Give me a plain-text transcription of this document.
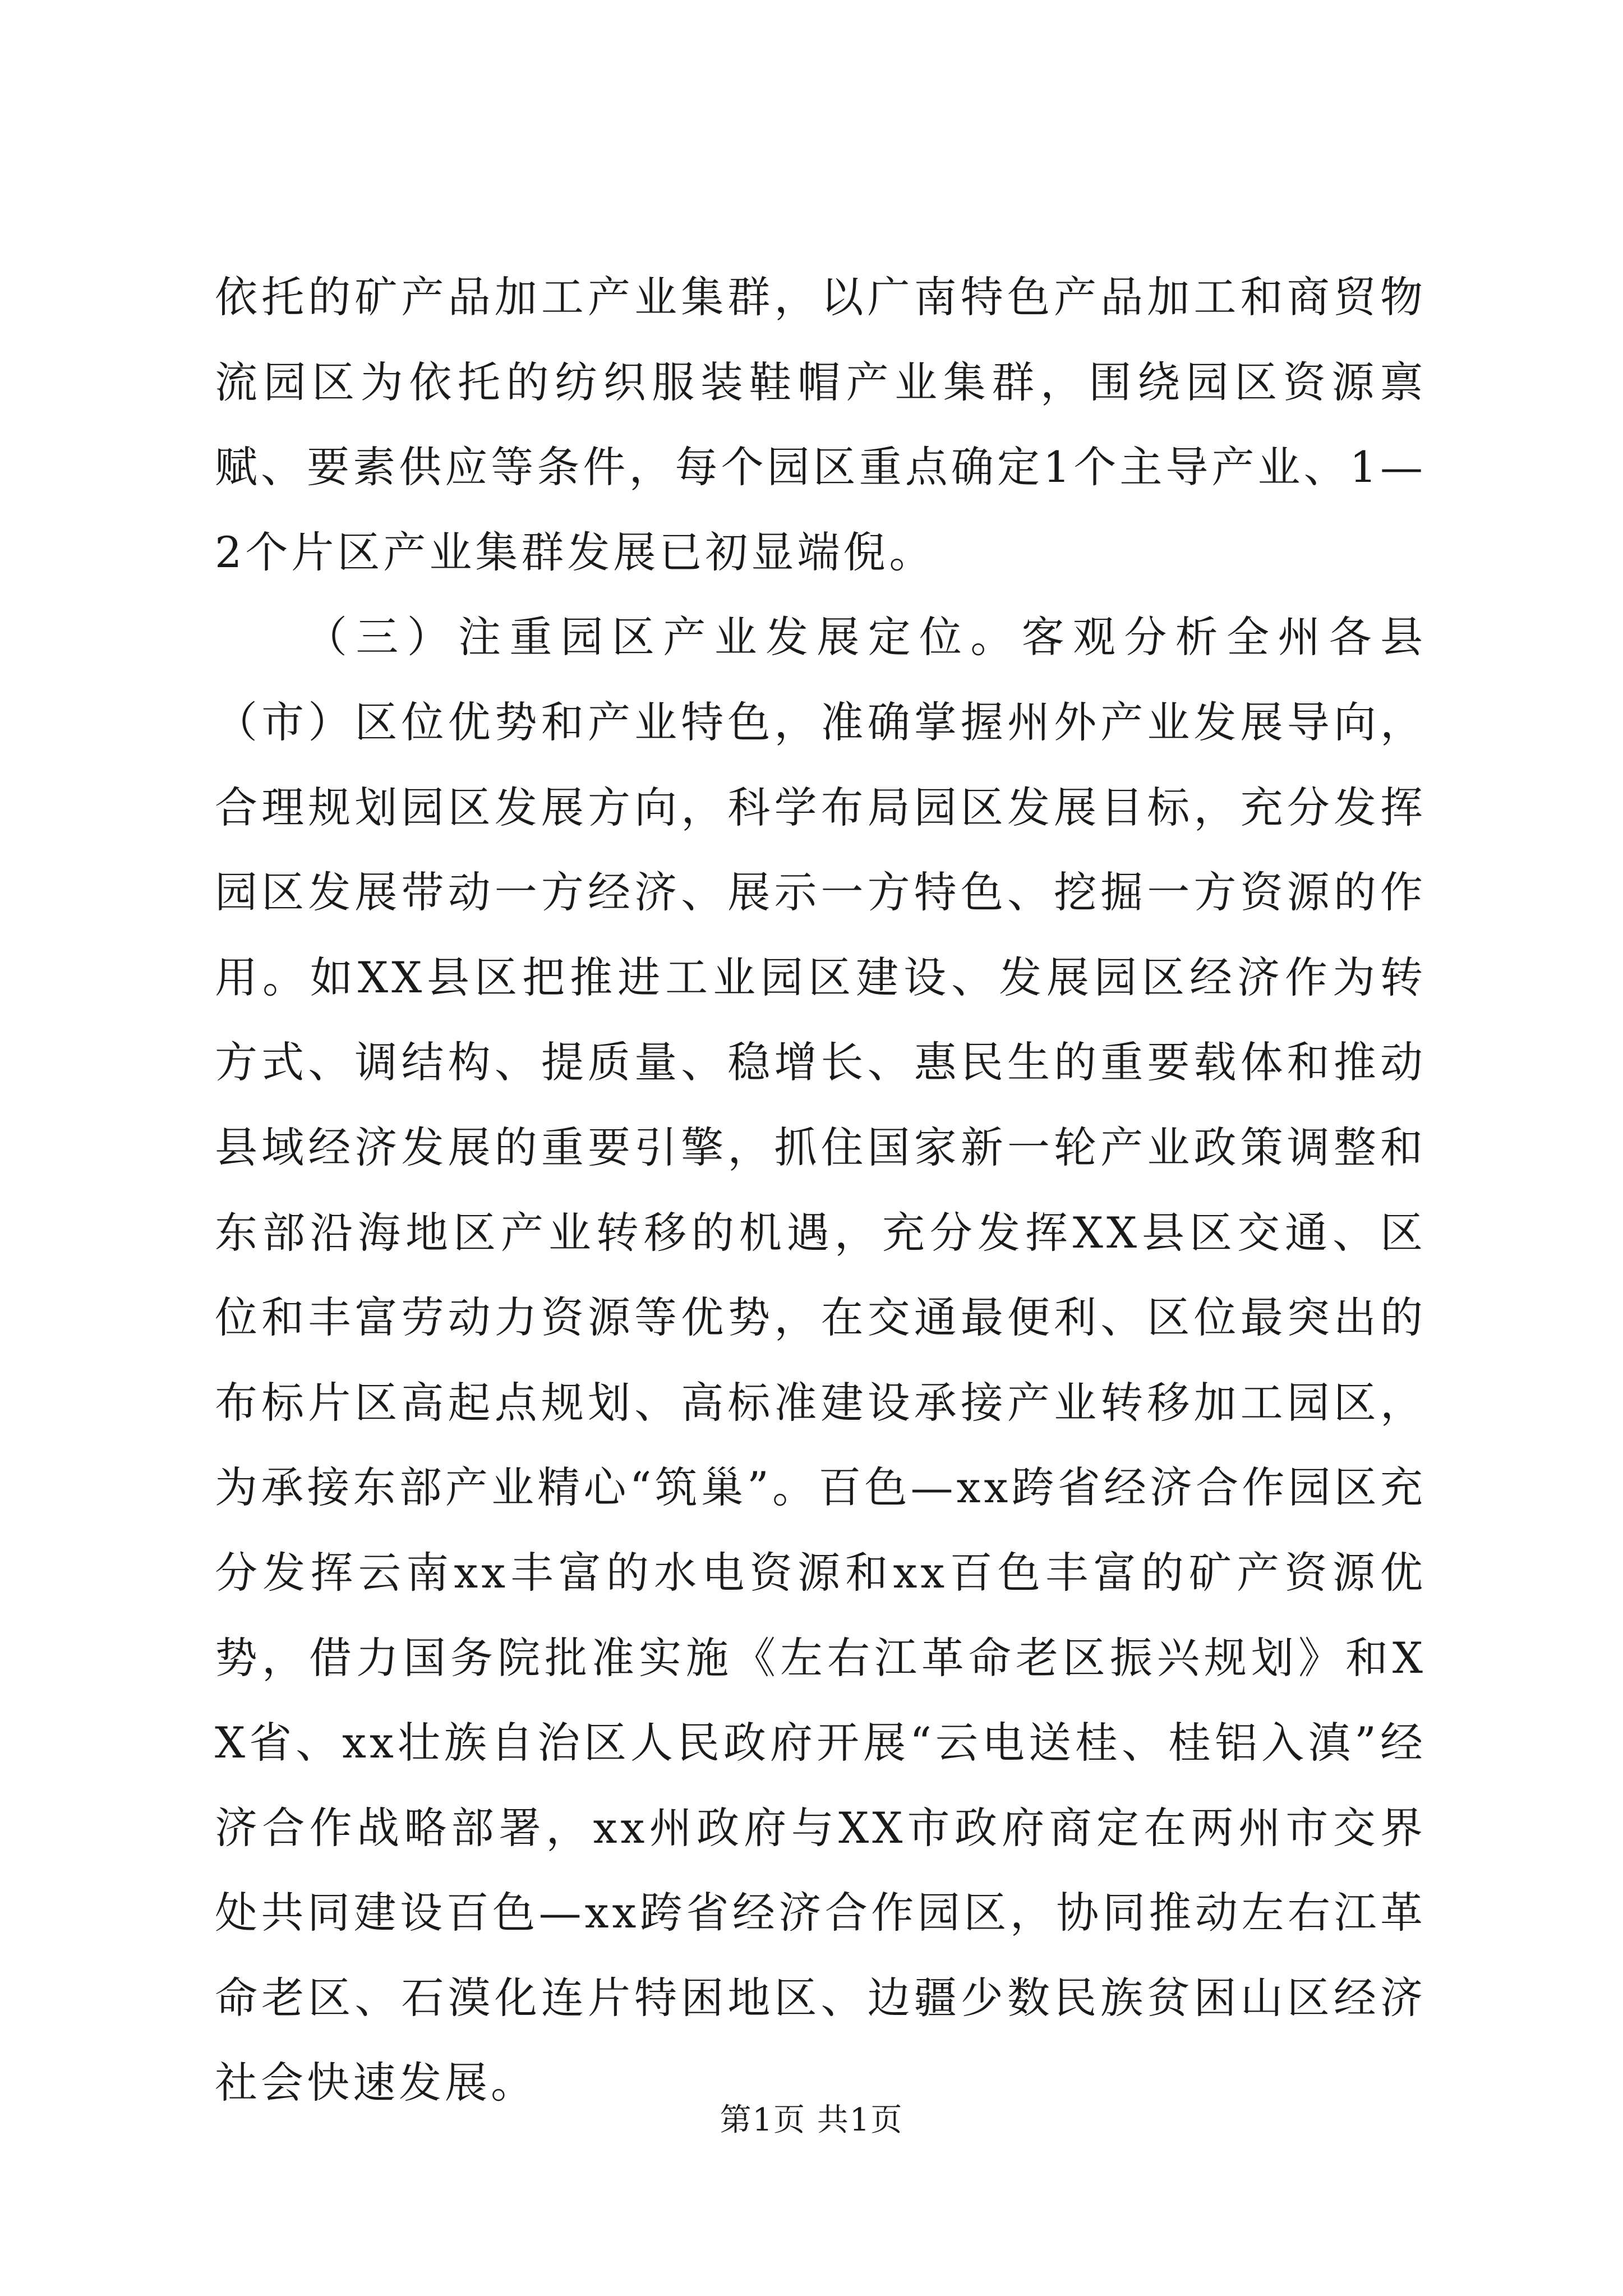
依托的矿产品加工产业集群，以广南特色产品加工和商贸物流园区为依托的纺织服装鞋帽产业集群，围绕园区资源禀赋、要素供应等条件，每个园区重点确定1个主导产业、1—2个片区产业集群发展已初显端倪。

（三）注重园区产业发展定位。客观分析全州各县（市）区位优势和产业特色，准确掌握州外产业发展导向，合理规划园区发展方向，科学布局园区发展目标，充分发挥园区发展带动一方经济、展示一方特色、挖掘一方资源的作用。如XX县区把推进工业园区建设、发展园区经济作为转方式、调结构、提质量、稳增长、惠民生的重要载体和推动县域经济发展的重要引擎，抓住国家新一轮产业政策调整和东部沿海地区产业转移的机遇，充分发挥XX县区交通、区位和丰富劳动力资源等优势，在交通最便利、区位最突出的布标片区高起点规划、高标准建设承接产业转移加工园区，为承接东部产业精心“筑巢”。百色—xx跨省经济合作园区充分发挥云南xx丰富的水电资源和xx百色丰富的矿产资源优势，借力国务院批准实施《左右江革命老区振兴规划》和XX省、xx壮族自治区人民政府开展“云电送桂、桂铝入滇”经济合作战略部署，xx州政府与XX市政府商定在两州市交界处共同建设百色—xx跨省经济合作园区，协同推动左右江革命老区、石漠化连片特困地区、边疆少数民族贫困山区经济社会快速发展。

第1页 共1页
